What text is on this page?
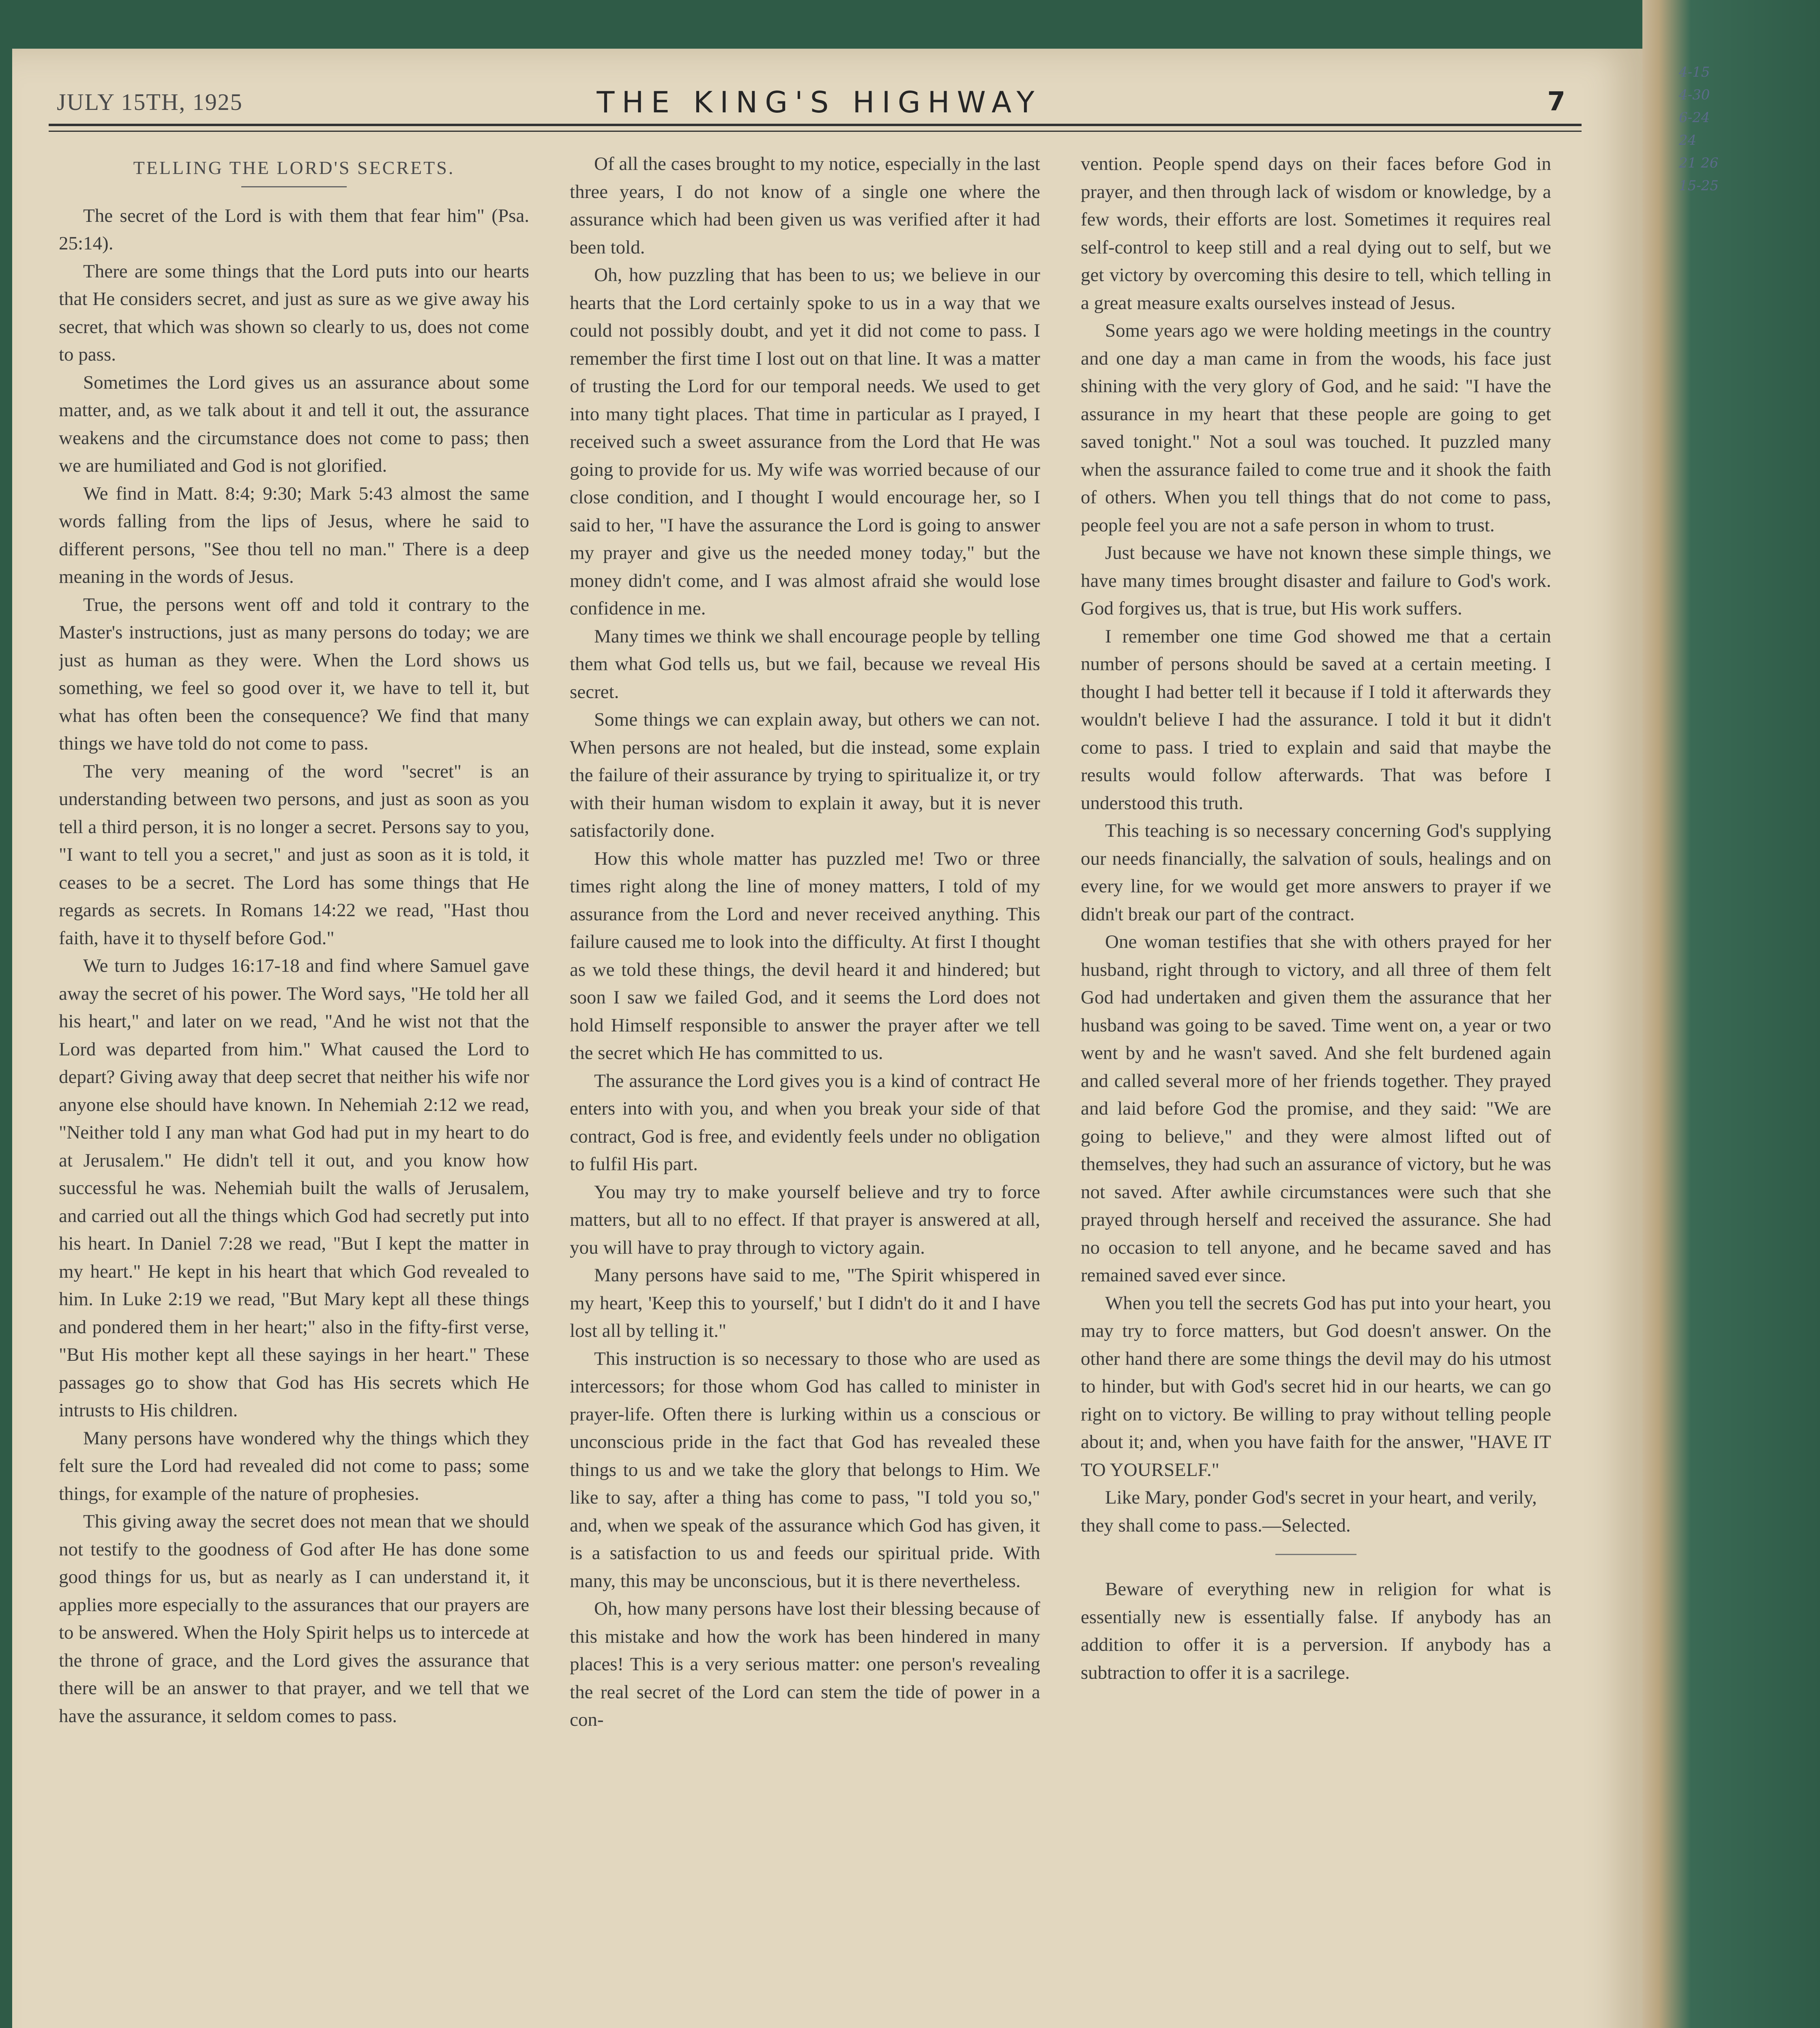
4-15
4-30
6-24
24
21 26
15-25
JULY 15TH, 1925	THE KING'S HIGHWAY	7
TELLING THE LORD'S SECRETS.

The secret of the Lord is with them that fear him" (Psa. 25:14).

There are some things that the Lord puts into our hearts that He considers secret, and just as sure as we give away his secret, that which was shown so clearly to us, does not come to pass.

Sometimes the Lord gives us an assurance about some matter, and, as we talk about it and tell it out, the assurance weakens and the circumstance does not come to pass; then we are humiliated and God is not glorified.

We find in Matt. 8:4; 9:30; Mark 5:43 almost the same words falling from the lips of Jesus, where he said to different persons, "See thou tell no man." There is a deep meaning in the words of Jesus.

True, the persons went off and told it contrary to the Master's instructions, just as many persons do today; we are just as human as they were. When the Lord shows us something, we feel so good over it, we have to tell it, but what has often been the consequence? We find that many things we have told do not come to pass.

The very meaning of the word "secret" is an understanding between two persons, and just as soon as you tell a third person, it is no longer a secret. Persons say to you, "I want to tell you a secret," and just as soon as it is told, it ceases to be a secret. The Lord has some things that He regards as secrets. In Romans 14:22 we read, "Hast thou faith, have it to thyself before God."

We turn to Judges 16:17-18 and find where Samuel gave away the secret of his power. The Word says, "He told her all his heart," and later on we read, "And he wist not that the Lord was departed from him." What caused the Lord to depart? Giving away that deep secret that neither his wife nor anyone else should have known. In Nehemiah 2:12 we read, "Neither told I any man what God had put in my heart to do at Jerusalem." He didn't tell it out, and you know how successful he was. Nehemiah built the walls of Jerusalem, and carried out all the things which God had secretly put into his heart. In Daniel 7:28 we read, "But I kept the matter in my heart." He kept in his heart that which God revealed to him. In Luke 2:19 we read, "But Mary kept all these things and pondered them in her heart;" also in the fifty-first verse, "But His mother kept all these sayings in her heart." These passages go to show that God has His secrets which He intrusts to His children.

Many persons have wondered why the things which they felt sure the Lord had revealed did not come to pass; some things, for example of the nature of prophesies.

This giving away the secret does not mean that we should not testify to the goodness of God after He has done some good things for us, but as nearly as I can understand it, it applies more especially to the assurances that our prayers are to be answered. When the Holy Spirit helps us to intercede at the throne of grace, and the Lord gives the assurance that there will be an answer to that prayer, and we tell that we have the assurance, it seldom comes to pass.

Of all the cases brought to my notice, especially in the last three years, I do not know of a single one where the assurance which had been given us was verified after it had been told.

Oh, how puzzling that has been to us; we believe in our hearts that the Lord certainly spoke to us in a way that we could not possibly doubt, and yet it did not come to pass. I remember the first time I lost out on that line. It was a matter of trusting the Lord for our temporal needs. We used to get into many tight places. That time in particular as I prayed, I received such a sweet assurance from the Lord that He was going to provide for us. My wife was worried because of our close condition, and I thought I would encourage her, so I said to her, "I have the assurance the Lord is going to answer my prayer and give us the needed money today," but the money didn't come, and I was almost afraid she would lose confidence in me.

Many times we think we shall encourage people by telling them what God tells us, but we fail, because we reveal His secret.

Some things we can explain away, but others we can not. When persons are not healed, but die instead, some explain the failure of their assurance by trying to spiritualize it, or try with their human wisdom to explain it away, but it is never satisfactorily done.

How this whole matter has puzzled me! Two or three times right along the line of money matters, I told of my assurance from the Lord and never received anything. This failure caused me to look into the difficulty. At first I thought as we told these things, the devil heard it and hindered; but soon I saw we failed God, and it seems the Lord does not hold Himself responsible to answer the prayer after we tell the secret which He has committed to us.

The assurance the Lord gives you is a kind of contract He enters into with you, and when you break your side of that contract, God is free, and evidently feels under no obligation to fulfil His part.

You may try to make yourself believe and try to force matters, but all to no effect. If that prayer is answered at all, you will have to pray through to victory again.

Many persons have said to me, "The Spirit whispered in my heart, 'Keep this to yourself,' but I didn't do it and I have lost all by telling it."

This instruction is so necessary to those who are used as intercessors; for those whom God has called to minister in prayer-life. Often there is lurking within us a conscious or unconscious pride in the fact that God has revealed these things to us and we take the glory that belongs to Him. We like to say, after a thing has come to pass, "I told you so," and, when we speak of the assurance which God has given, it is a satisfaction to us and feeds our spiritual pride. With many, this may be unconscious, but it is there nevertheless.

Oh, how many persons have lost their blessing because of this mistake and how the work has been hindered in many places! This is a very serious matter: one person's revealing the real secret of the Lord can stem the tide of power in a con-

vention. People spend days on their faces before God in prayer, and then through lack of wisdom or knowledge, by a few words, their efforts are lost. Sometimes it requires real self-control to keep still and a real dying out to self, but we get victory by overcoming this desire to tell, which telling in a great measure exalts ourselves instead of Jesus.

Some years ago we were holding meetings in the country and one day a man came in from the woods, his face just shining with the very glory of God, and he said: "I have the assurance in my heart that these people are going to get saved tonight." Not a soul was touched. It puzzled many when the assurance failed to come true and it shook the faith of others. When you tell things that do not come to pass, people feel you are not a safe person in whom to trust.

Just because we have not known these simple things, we have many times brought disaster and failure to God's work. God forgives us, that is true, but His work suffers.

I remember one time God showed me that a certain number of persons should be saved at a certain meeting. I thought I had better tell it because if I told it afterwards they wouldn't believe I had the assurance. I told it but it didn't come to pass. I tried to explain and said that maybe the results would follow afterwards. That was before I understood this truth.

This teaching is so necessary concerning God's supplying our needs financially, the salvation of souls, healings and on every line, for we would get more answers to prayer if we didn't break our part of the contract.

One woman testifies that she with others prayed for her husband, right through to victory, and all three of them felt God had undertaken and given them the assurance that her husband was going to be saved. Time went on, a year or two went by and he wasn't saved. And she felt burdened again and called several more of her friends together. They prayed and laid before God the promise, and they said: "We are going to believe," and they were almost lifted out of themselves, they had such an assurance of victory, but he was not saved. After awhile circumstances were such that she prayed through herself and received the assurance. She had no occasion to tell anyone, and he became saved and has remained saved ever since.

When you tell the secrets God has put into your heart, you may try to force matters, but God doesn't answer. On the other hand there are some things the devil may do his utmost to hinder, but with God's secret hid in our hearts, we can go right on to victory. Be willing to pray without telling people about it; and, when you have faith for the answer, "HAVE IT TO YOURSELF."

Like Mary, ponder God's secret in your heart, and verily, they shall come to pass.—Selected.

Beware of everything new in religion for what is essentially new is essentially false. If anybody has an addition to offer it is a perversion. If anybody has a subtraction to offer it is a sacrilege.
